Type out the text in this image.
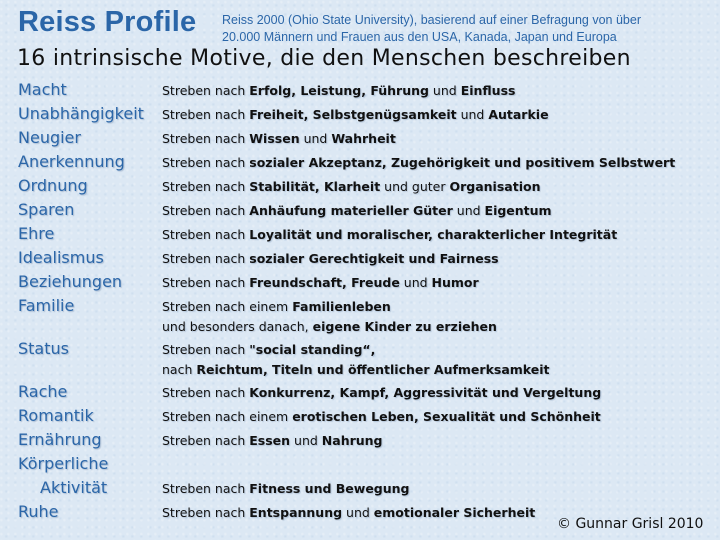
Reiss Profile Reiss 2000 (Ohio State University), basierend auf einer Befragung von über
20.000 Männern und Frauen aus den USA, Kanada, Japan und Europa
16 intrinsische Motive, die den Menschen beschreiben
Macht
Unabhängigkeit
Neugier
Anerkennung
Ordnung
Sparen
Ehre
Idealismus
Beziehungen
Familie
Status
Rache
Romantik
Ernährung
Körperliche
Aktivität
Ruhe
Streben nach Erfolg, Leistung, Führung und Einfluss
Streben nach Freiheit, Selbstgenügsamkeit und Autarkie
Streben nach Wissen und Wahrheit
Streben nach sozialer Akzeptanz, Zugehörigkeit und positivem Selbstwert
Streben nach Stabilität, Klarheit und guter Organisation
Streben nach Anhäufung materieller Güter und Eigentum
Streben nach Loyalität und moralischer, charakterlicher Integrität
Streben nach sozialer Gerechtigkeit und Fairness
Streben nach Freundschaft, Freude und Humor
Streben nach einem Familienleben
und besonders danach, eigene Kinder zu erziehen
Streben nach "social standing“,
nach Reichtum, Titeln und öffentlicher Aufmerksamkeit
Streben nach Konkurrenz, Kampf, Aggressivität und Vergeltung
Streben nach einem erotischen Leben, Sexualität und Schönheit
Streben nach Essen und Nahrung
Streben nach Fitness und Bewegung
Streben nach Entspannung und emotionaler Sicherheit
© Gunnar Grisl 2010
